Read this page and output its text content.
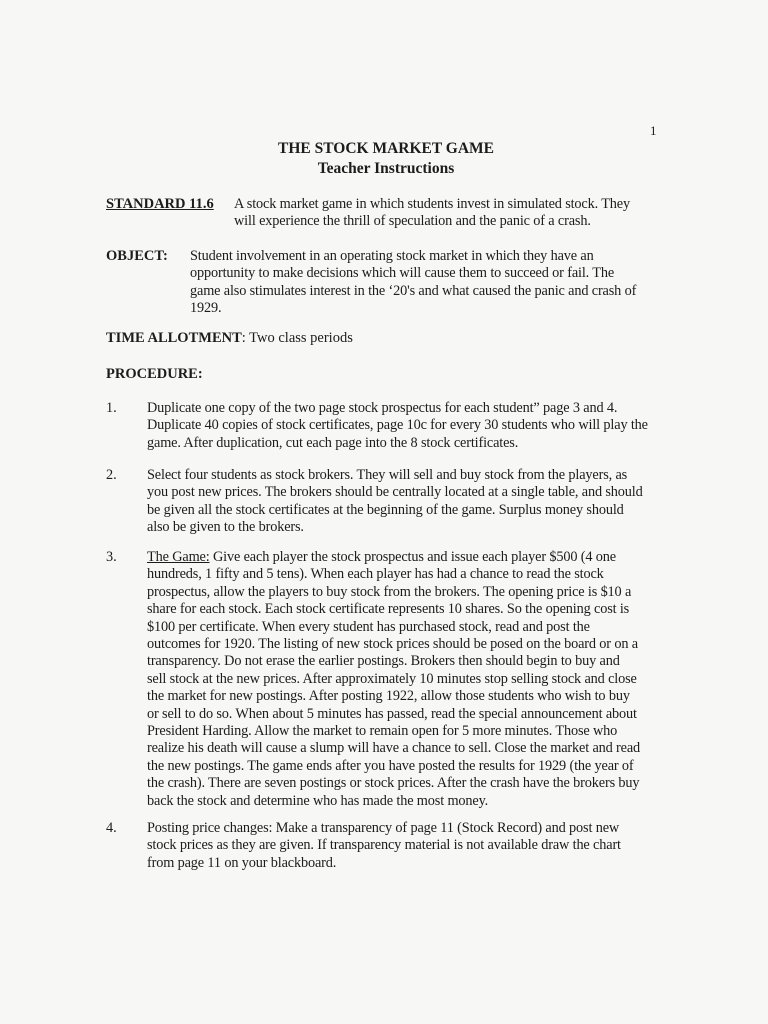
1
THE STOCK MARKET GAME
Teacher Instructions
STANDARD 11.6 A stock market game in which students invest in simulated stock. They
will experience the thrill of speculation and the panic of a crash.
OBJECT: Student involvement in an operating stock market in which they have an
opportunity to make decisions which will cause them to succeed or fail. The
game also stimulates interest in the ‘20's and what caused the panic and crash of
1929.
TIME ALLOTMENT: Two class periods
PROCEDURE:
1. Duplicate one copy of the two page stock prospectus for each student” page 3 and 4.
Duplicate 40 copies of stock certificates, page 10c for every 30 students who will play the
game. After duplication, cut each page into the 8 stock certificates.
2. Select four students as stock brokers. They will sell and buy stock from the players, as
you post new prices. The brokers should be centrally located at a single table, and should
be given all the stock certificates at the beginning of the game. Surplus money should
also be given to the brokers.
3. The Game: Give each player the stock prospectus and issue each player $500 (4 one
hundreds, 1 fifty and 5 tens). When each player has had a chance to read the stock
prospectus, allow the players to buy stock from the brokers. The opening price is $10 a
share for each stock. Each stock certificate represents 10 shares. So the opening cost is
$100 per certificate. When every student has purchased stock, read and post the
outcomes for 1920. The listing of new stock prices should be posed on the board or on a
transparency. Do not erase the earlier postings. Brokers then should begin to buy and
sell stock at the new prices. After approximately 10 minutes stop selling stock and close
the market for new postings. After posting 1922, allow those students who wish to buy
or sell to do so. When about 5 minutes has passed, read the special announcement about
President Harding. Allow the market to remain open for 5 more minutes. Those who
realize his death will cause a slump will have a chance to sell. Close the market and read
the new postings. The game ends after you have posted the results for 1929 (the year of
the crash). There are seven postings or stock prices. After the crash have the brokers buy
back the stock and determine who has made the most money.
4. Posting price changes: Make a transparency of page 11 (Stock Record) and post new
stock prices as they are given. If transparency material is not available draw the chart
from page 11 on your blackboard.
